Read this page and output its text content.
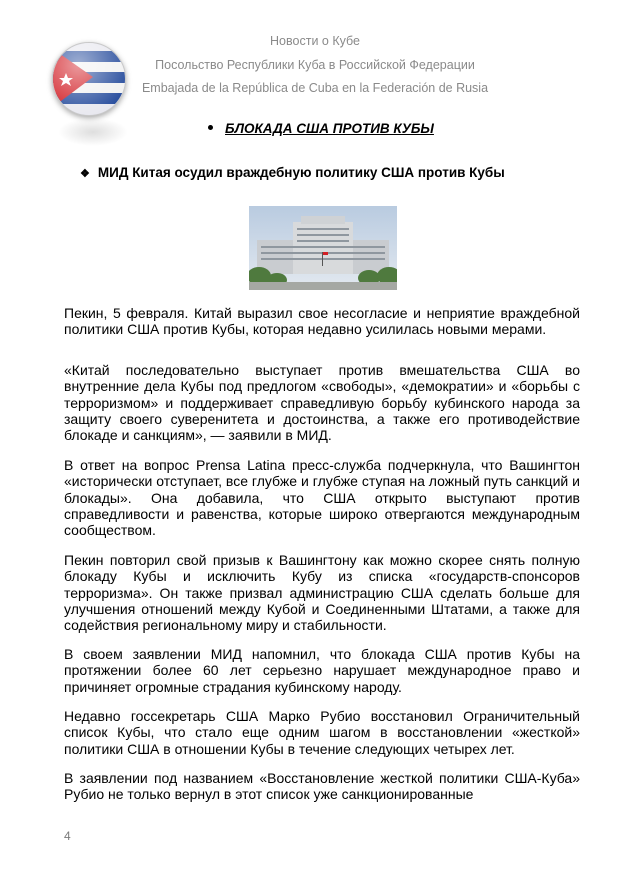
Новости о Кубе
Посольство Республики Куба в Российской Федерации
Embajada de la República de Cuba en la Federación de Rusia
БЛОКАДА США ПРОТИВ КУБЫ
❖ МИД Китая осудил враждебную политику США против Кубы
Пекин, 5 февраля. Китай выразил свое несогласие и неприятие враждебной политики США против Кубы, которая недавно усилилась новыми мерами.
«Китай последовательно выступает против вмешательства США во внутренние дела Кубы под предлогом «свободы», «демократии» и «борьбы с терроризмом» и поддерживает справедливую борьбу кубинского народа за защиту своего суверенитета и достоинства, а также его противодействие блокаде и санкциям», — заявили в МИД.
В ответ на вопрос Prensa Latina пресс-служба подчеркнула, что Вашингтон «исторически отступает, все глубже и глубже ступая на ложный путь санкций и блокады». Она добавила, что США открыто выступают против справедливости и равенства, которые широко отвергаются международным сообществом.
Пекин повторил свой призыв к Вашингтону как можно скорее снять полную блокаду Кубы и исключить Кубу из списка «государств-спонсоров терроризма». Он также призвал администрацию США сделать больше для улучшения отношений между Кубой и Соединенными Штатами, а также для содействия региональному миру и стабильности.
В своем заявлении МИД напомнил, что блокада США против Кубы на протяжении более 60 лет серьезно нарушает международное право и причиняет огромные страдания кубинскому народу.
Недавно госсекретарь США Марко Рубио восстановил Ограничительный список Кубы, что стало еще одним шагом в восстановлении «жесткой» политики США в отношении Кубы в течение следующих четырех лет.
В заявлении под названием «Восстановление жесткой политики США-Куба» Рубио не только вернул в этот список уже санкционированные
4
